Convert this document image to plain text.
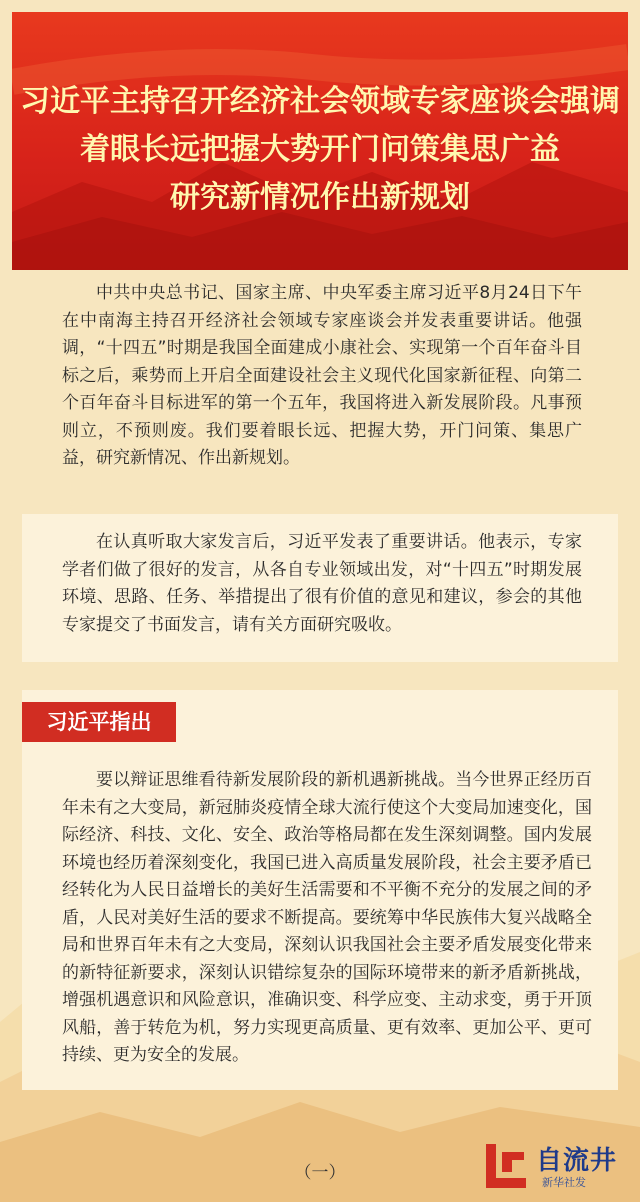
习近平主持召开经济社会领域专家座谈会强调
着眼长远把握大势开门问策集思广益
研究新情况作出新规划
中共中央总书记、国家主席、中央军委主席习近平8月24日下午在中南海主持召开经济社会领域专家座谈会并发表重要讲话。他强调，“十四五”时期是我国全面建成小康社会、实现第一个百年奋斗目标之后，乘势而上开启全面建设社会主义现代化国家新征程、向第二个百年奋斗目标进军的第一个五年，我国将进入新发展阶段。凡事预则立，不预则废。我们要着眼长远、把握大势，开门问策、集思广益，研究新情况、作出新规划。
在认真听取大家发言后，习近平发表了重要讲话。他表示，专家学者们做了很好的发言，从各自专业领域出发，对“十四五”时期发展环境、思路、任务、举措提出了很有价值的意见和建议，参会的其他专家提交了书面发言，请有关方面研究吸收。
习近平指出
要以辩证思维看待新发展阶段的新机遇新挑战。当今世界正经历百年未有之大变局，新冠肺炎疫情全球大流行使这个大变局加速变化，国际经济、科技、文化、安全、政治等格局都在发生深刻调整。国内发展环境也经历着深刻变化，我国已进入高质量发展阶段，社会主要矛盾已经转化为人民日益增长的美好生活需要和不平衡不充分的发展之间的矛盾，人民对美好生活的要求不断提高。要统筹中华民族伟大复兴战略全局和世界百年未有之大变局，深刻认识我国社会主要矛盾发展变化带来的新特征新要求，深刻认识错综复杂的国际环境带来的新矛盾新挑战，增强机遇意识和风险意识，准确识变、科学应变、主动求变，勇于开顶风船，善于转危为机，努力实现更高质量、更有效率、更加公平、更可持续、更为安全的发展。
（一）	自流井
新华社发
